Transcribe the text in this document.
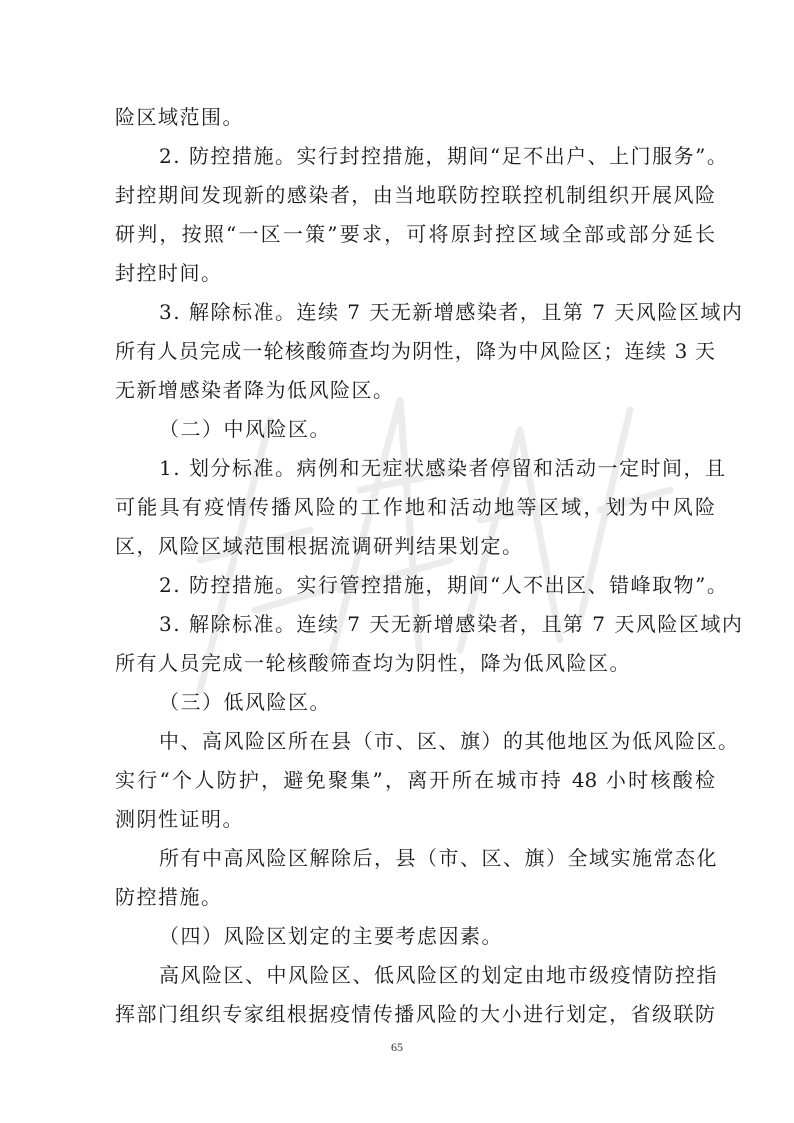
险区域范围。
2. 防控措施。实行封控措施，期间“足不出户、上门服务”。
封控期间发现新的感染者，由当地联防控联控机制组织开展风险
研判，按照“一区一策”要求，可将原封控区域全部或部分延长
封控时间。
3. 解除标准。连续 7 天无新增感染者，且第 7 天风险区域内
所有人员完成一轮核酸筛查均为阴性，降为中风险区；连续 3 天
无新增感染者降为低风险区。
（二）中风险区。
1. 划分标准。病例和无症状感染者停留和活动一定时间，且
可能具有疫情传播风险的工作地和活动地等区域，划为中风险
区，风险区域范围根据流调研判结果划定。
2. 防控措施。实行管控措施，期间“人不出区、错峰取物”。
3. 解除标准。连续 7 天无新增感染者，且第 7 天风险区域内
所有人员完成一轮核酸筛查均为阴性，降为低风险区。
（三）低风险区。
中、高风险区所在县（市、区、旗）的其他地区为低风险区。
实行“个人防护，避免聚集”，离开所在城市持 48 小时核酸检
测阴性证明。
所有中高风险区解除后，县（市、区、旗）全域实施常态化
防控措施。
（四）风险区划定的主要考虑因素。
高风险区、中风险区、低风险区的划定由地市级疫情防控指
挥部门组织专家组根据疫情传播风险的大小进行划定，省级联防
65
